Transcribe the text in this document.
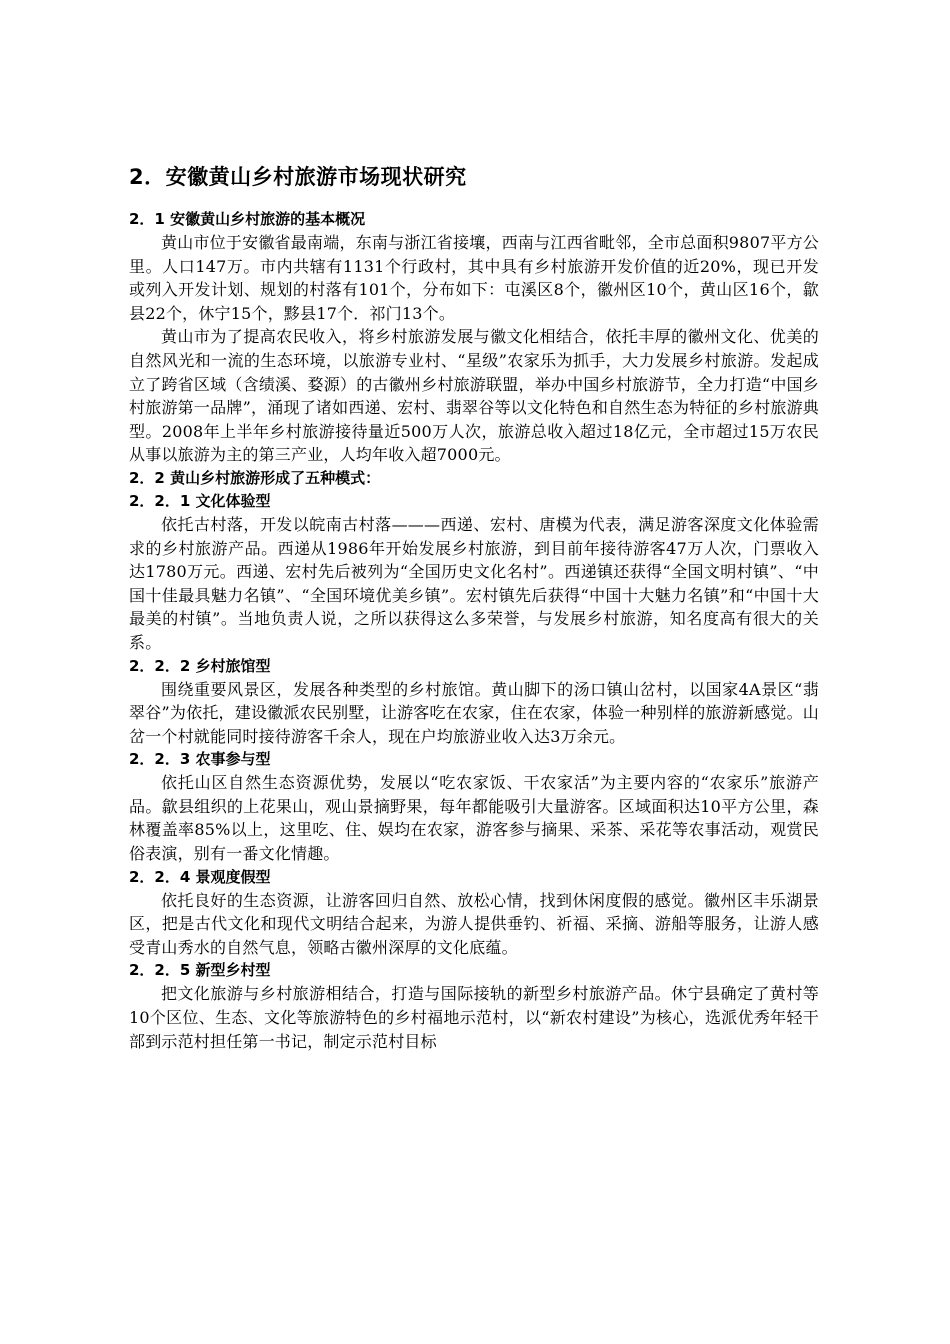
2．安徽黄山乡村旅游市场现状研究
2．1 安徽黄山乡村旅游的基本概况

黄山市位于安徽省最南端，东南与浙江省接壤，西南与江西省毗邻，全市总面积9807平方公里。人口147万。市内共辖有1131个行政村，其中具有乡村旅游开发价值的近20%，现已开发或列入开发计划、规划的村落有101个，分布如下：屯溪区8个，徽州区10个，黄山区16个，歙县22个，休宁15个，黟县17个．祁门13个。

黄山市为了提高农民收入，将乡村旅游发展与徽文化相结合，依托丰厚的徽州文化、优美的自然风光和一流的生态环境，以旅游专业村、“星级”农家乐为抓手，大力发展乡村旅游。发起成立了跨省区域（含绩溪、婺源）的古徽州乡村旅游联盟，举办中国乡村旅游节，全力打造“中国乡村旅游第一品牌”，涌现了诸如西递、宏村、翡翠谷等以文化特色和自然生态为特征的乡村旅游典型。2008年上半年乡村旅游接待量近500万人次，旅游总收入超过18亿元，全市超过15万农民从事以旅游为主的第三产业，人均年收入超7000元。

2．2 黄山乡村旅游形成了五种模式：
2．2．1 文化体验型

依托古村落，开发以皖南古村落———西递、宏村、唐模为代表，满足游客深度文化体验需求的乡村旅游产品。西递从1986年开始发展乡村旅游，到目前年接待游客47万人次，门票收入达1780万元。西递、宏村先后被列为“全国历史文化名村”。西递镇还获得“全国文明村镇”、“中国十佳最具魅力名镇”、“全国环境优美乡镇”。宏村镇先后获得“中国十大魅力名镇”和“中国十大最美的村镇”。当地负责人说，之所以获得这么多荣誉，与发展乡村旅游，知名度高有很大的关系。

2．2．2 乡村旅馆型

围绕重要风景区，发展各种类型的乡村旅馆。黄山脚下的汤口镇山岔村，以国家4A景区“翡翠谷”为依托，建设徽派农民别墅，让游客吃在农家，住在农家，体验一种别样的旅游新感觉。山岔一个村就能同时接待游客千余人，现在户均旅游业收入达3万余元。

2．2．3 农事参与型

依托山区自然生态资源优势，发展以“吃农家饭、干农家活”为主要内容的“农家乐”旅游产品。歙县组织的上花果山，观山景摘野果，每年都能吸引大量游客。区域面积达10平方公里，森林覆盖率85%以上，这里吃、住、娱均在农家，游客参与摘果、采茶、采花等农事活动，观赏民俗表演，别有一番文化情趣。

2．2．4 景观度假型

依托良好的生态资源，让游客回归自然、放松心情，找到休闲度假的感觉。徽州区丰乐湖景区，把是古代文化和现代文明结合起来，为游人提供垂钓、祈福、采摘、游船等服务，让游人感受青山秀水的自然气息，领略古徽州深厚的文化底蕴。

2．2．5 新型乡村型

把文化旅游与乡村旅游相结合，打造与国际接轨的新型乡村旅游产品。休宁县确定了黄村等10个区位、生态、文化等旅游特色的乡村福地示范村，以“新农村建设”为核心，选派优秀年轻干部到示范村担任第一书记，制定示范村目标
